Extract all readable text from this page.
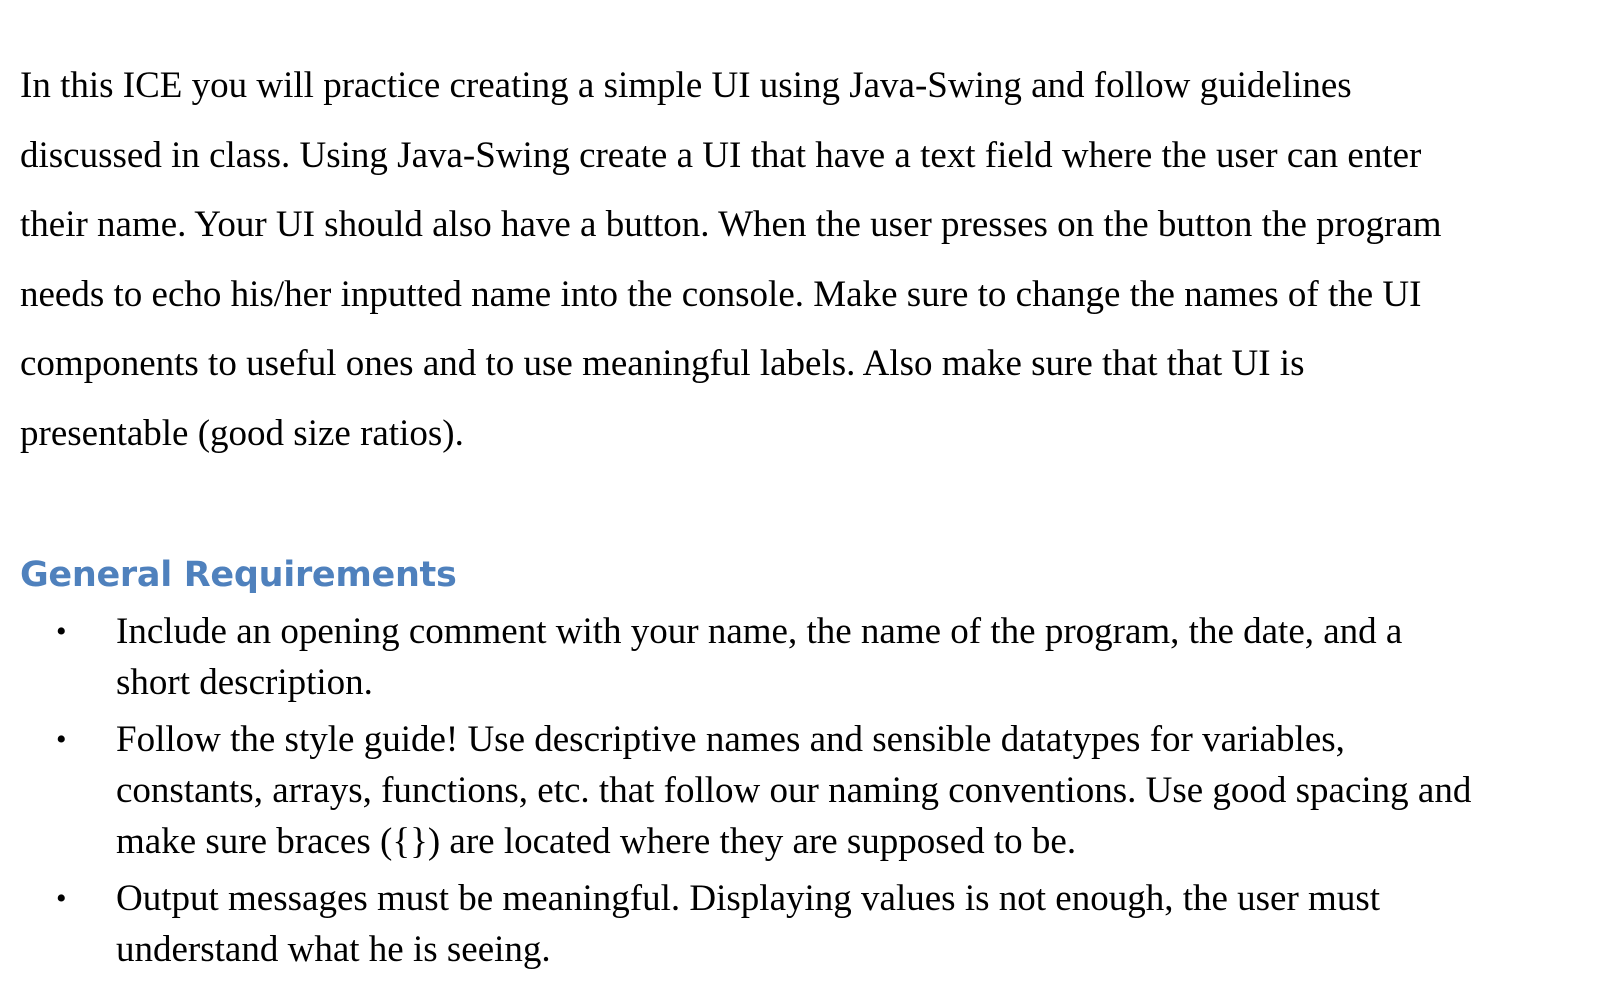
In this ICE you will practice creating a simple UI using Java-Swing and follow guidelines
discussed in class. Using Java-Swing create a UI that have a text field where the user can enter
their name. Your UI should also have a button. When the user presses on the button the program
needs to echo his/her inputted name into the console. Make sure to change the names of the UI
components to useful ones and to use meaningful labels. Also make sure that that UI is
presentable (good size ratios).
General Requirements
• Include an opening comment with your name, the name of the program, the date, and a
short description.
• Follow the style guide! Use descriptive names and sensible datatypes for variables,
constants, arrays, functions, etc. that follow our naming conventions. Use good spacing and
make sure braces ({}) are located where they are supposed to be.
• Output messages must be meaningful. Displaying values is not enough, the user must
understand what he is seeing.
